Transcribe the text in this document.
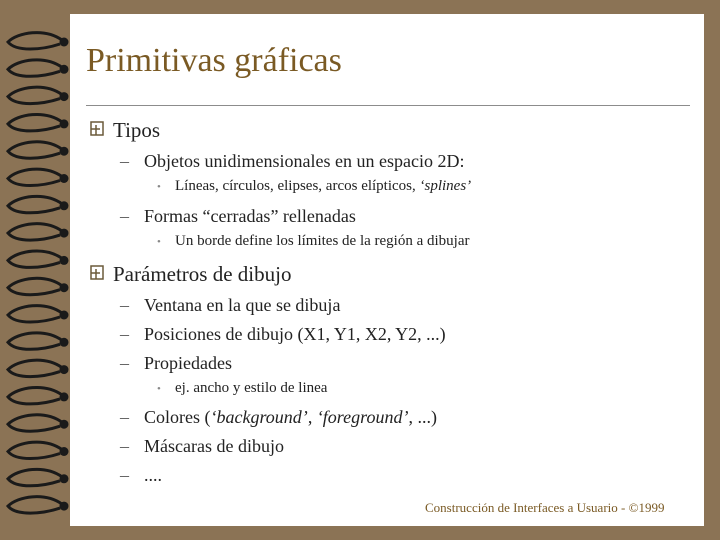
Primitivas gráficas
Tipos
– Objetos unidimensionales en un espacio 2D:
• Líneas, círculos, elipses, arcos elípticos, ‘splines’
– Formas “cerradas” rellenadas
• Un borde define los límites de la región a dibujar
Parámetros de dibujo
– Ventana en la que se dibuja
– Posiciones de dibujo (X1, Y1, X2, Y2, ...)
– Propiedades
• ej. ancho y estilo de linea
– Colores (‘background’, ‘foreground’, ...)
– Máscaras de dibujo
– ....
Construcción de Interfaces a Usuario - ©1999
